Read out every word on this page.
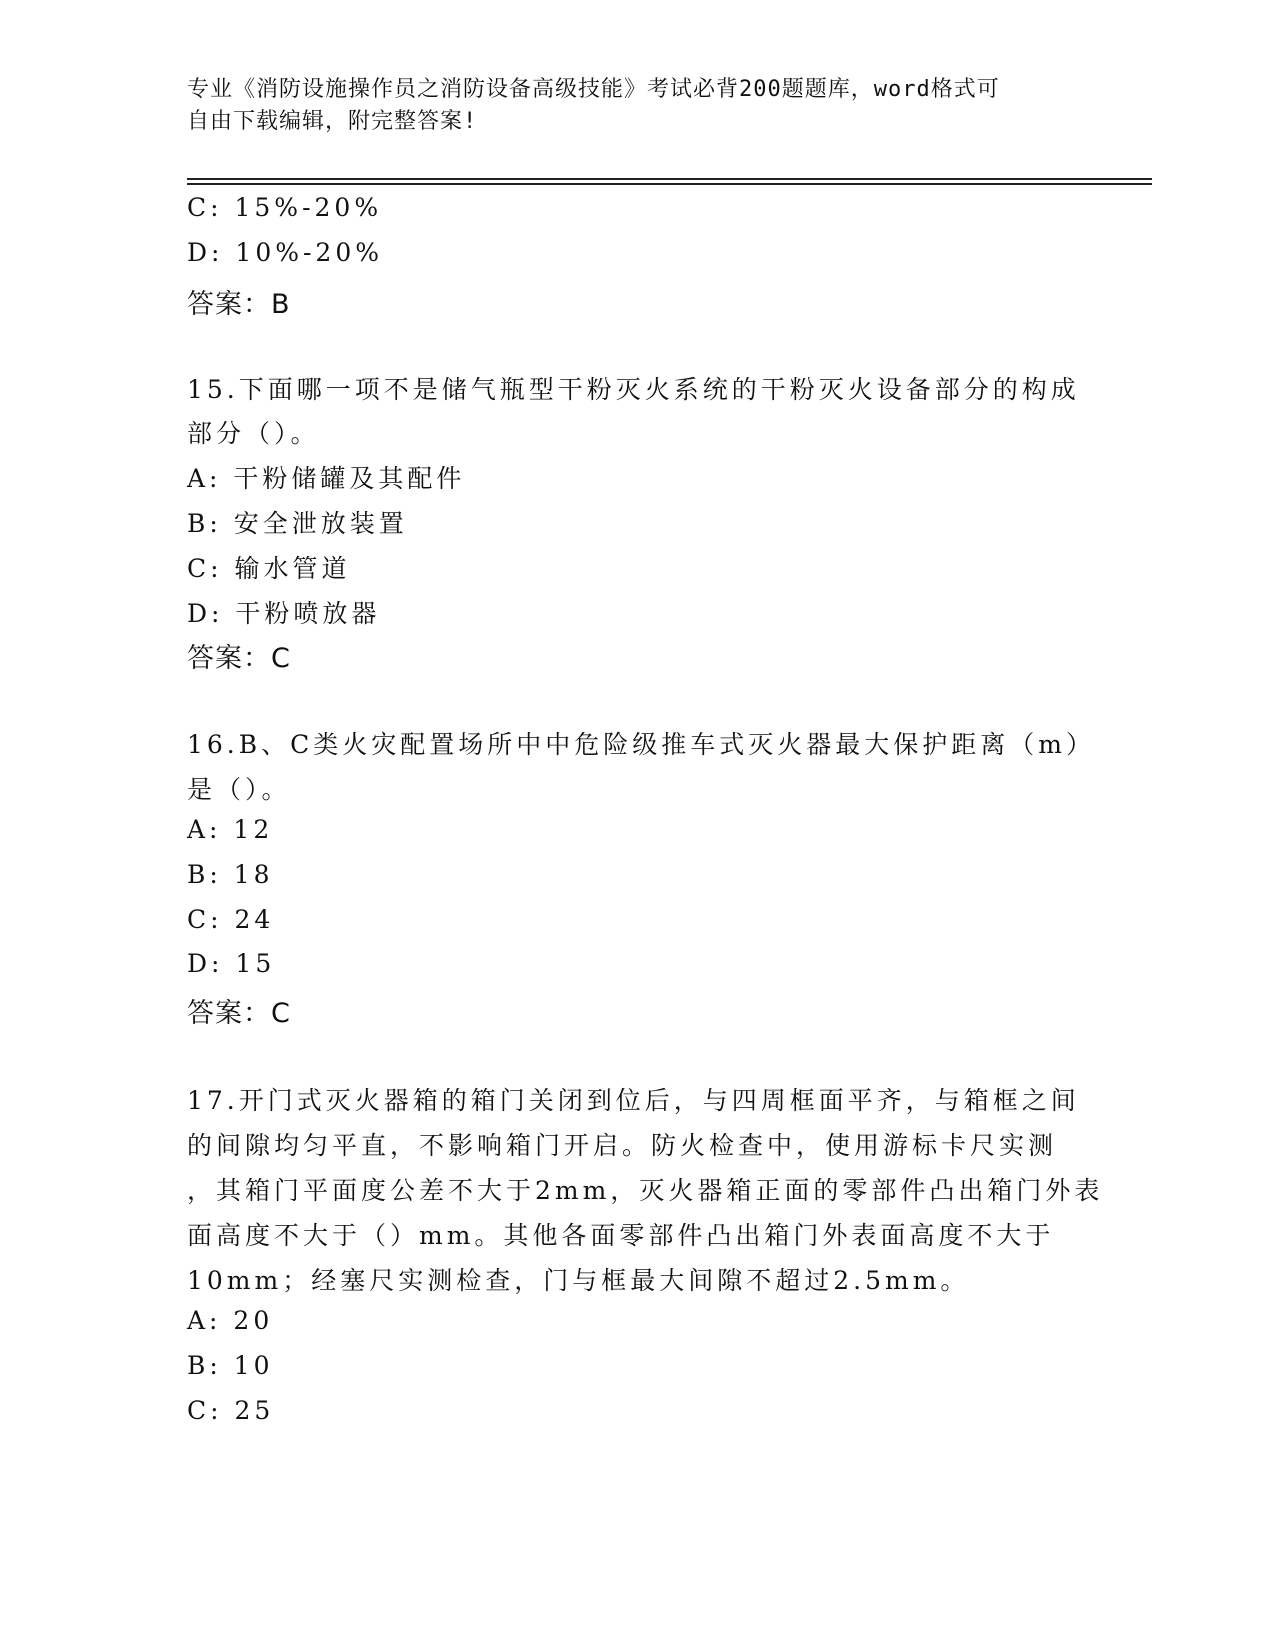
专业《消防设施操作员之消防设备高级技能》考试必背200题题库，word格式可
自由下载编辑，附完整答案!
C: 15%-20%
D: 10%-20%
答案：B
15.下面哪一项不是储气瓶型干粉灭火系统的干粉灭火设备部分的构成
部分（）。
A: 干粉储罐及其配件
B: 安全泄放装置
C: 输水管道
D: 干粉喷放器
答案：C
16.B、C类火灾配置场所中中危险级推车式灭火器最大保护距离（m）
是（）。
A: 12
B: 18
C: 24
D: 15
答案：C
17.开门式灭火器箱的箱门关闭到位后，与四周框面平齐，与箱框之间
的间隙均匀平直，不影响箱门开启。防火检查中，使用游标卡尺实测
，其箱门平面度公差不大于2mm，灭火器箱正面的零部件凸出箱门外表
面高度不大于（）mm。其他各面零部件凸出箱门外表面高度不大于
10mm；经塞尺实测检查，门与框最大间隙不超过2.5mm。
A: 20
B: 10
C: 25
